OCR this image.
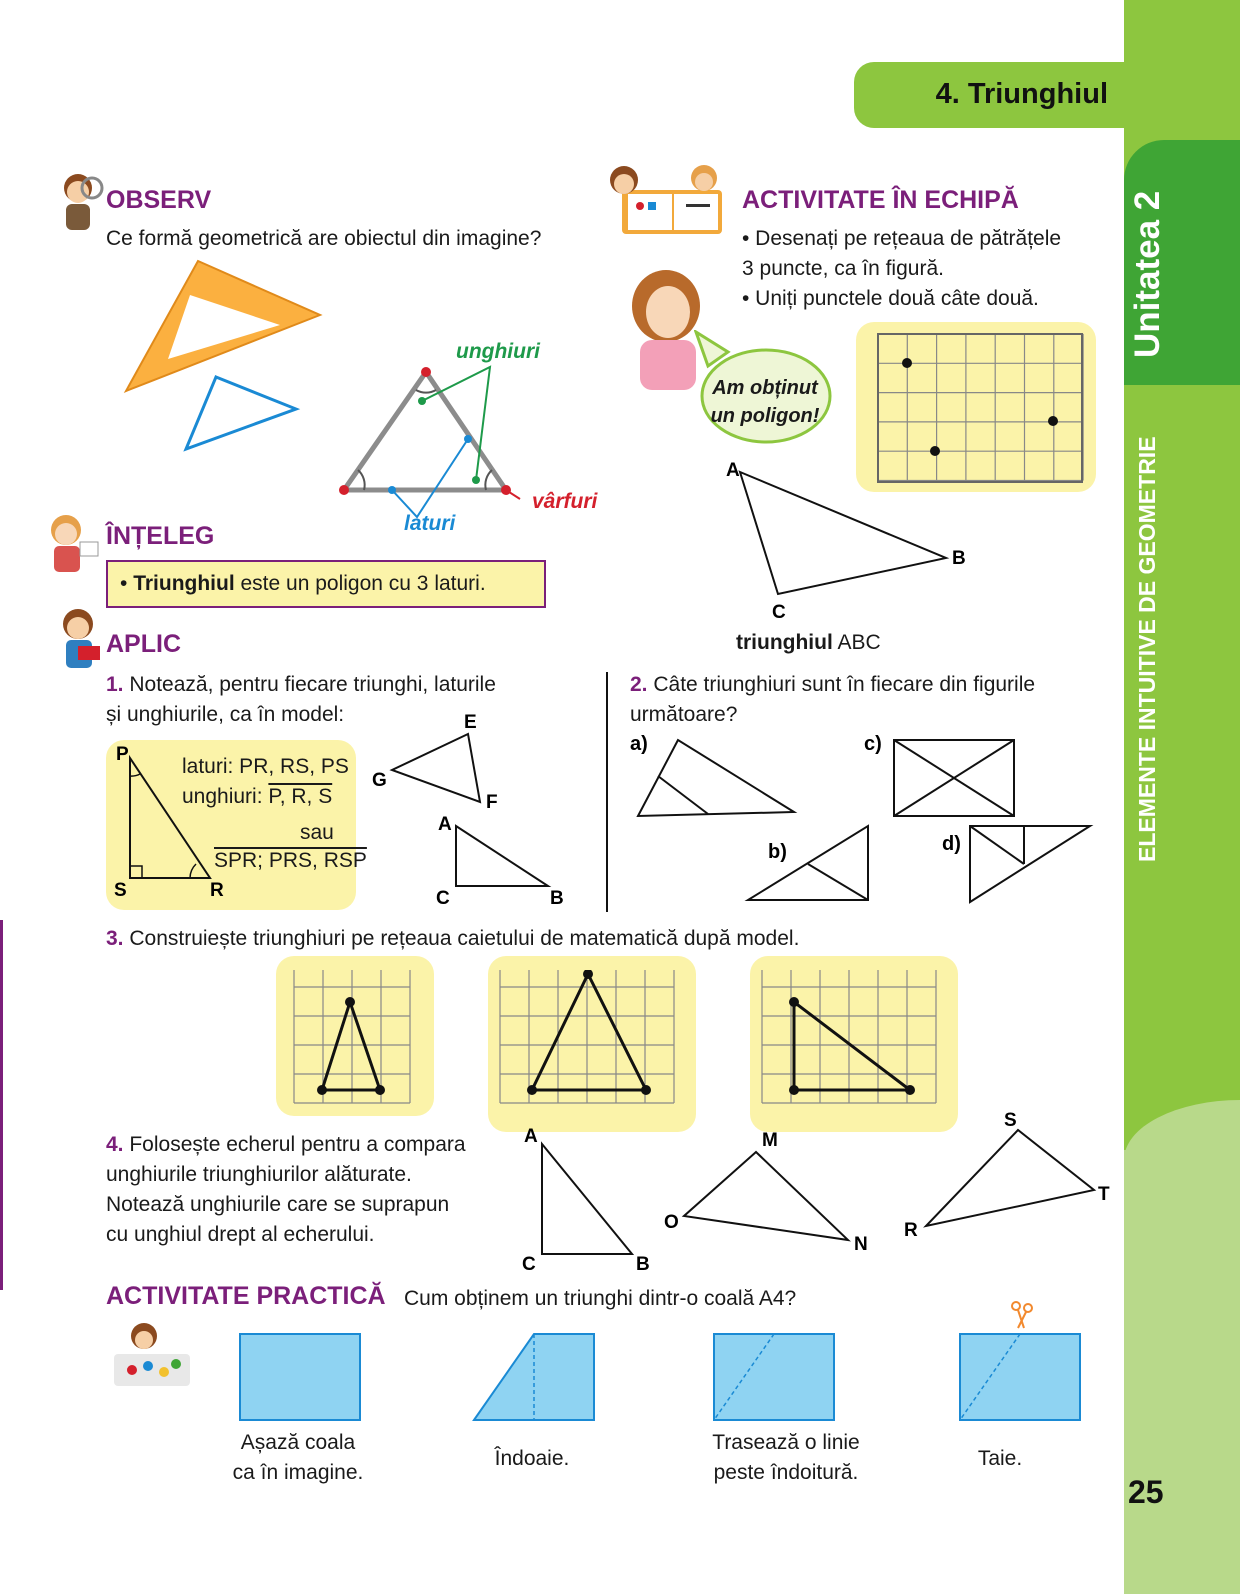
Unitatea 2
ELEMENTE INTUITIVE DE GEOMETRIE
25
4. Triunghiul
OBSERV
Ce formă geometrică are obiectul din imagine?
unghiuri
laturi
vârfuri
ACTIVITATE ÎN ECHIPĂ
• Desenați pe rețeaua de pătrățele
3 puncte, ca în figură.
• Uniți punctele două câte două.
Am obținut
un poligon!
A
B
C
triunghiul ABC
ÎNȚELEG
• Triunghiul este un poligon cu 3 laturi.
APLIC
1. Notează, pentru fiecare triunghi, laturile
și unghiurile, ca în model:
P
S	R
laturi: PR, RS, PS
unghiuri: P, R, S
sau
SPR; PRS, RSP
E
G
F
A
C	B
2. Câte triunghiuri sunt în fiecare din figurile
următoare?
a)
b)
c)
d)
3. Construiește triunghiuri pe rețeaua caietului de matematică după model.
4. Folosește echerul pentru a compara
unghiurile triunghiurilor alăturate.
Notează unghiurile care se suprapun
cu unghiul drept al echerului.
A
C	B
M
O
N
S
R
T
ACTIVITATE PRACTICĂ Cum obținem un triunghi dintr-o coală A4?
Așază coala
ca în imagine.
Îndoaie.
Trasează o linie
peste îndoitură.
Taie.
